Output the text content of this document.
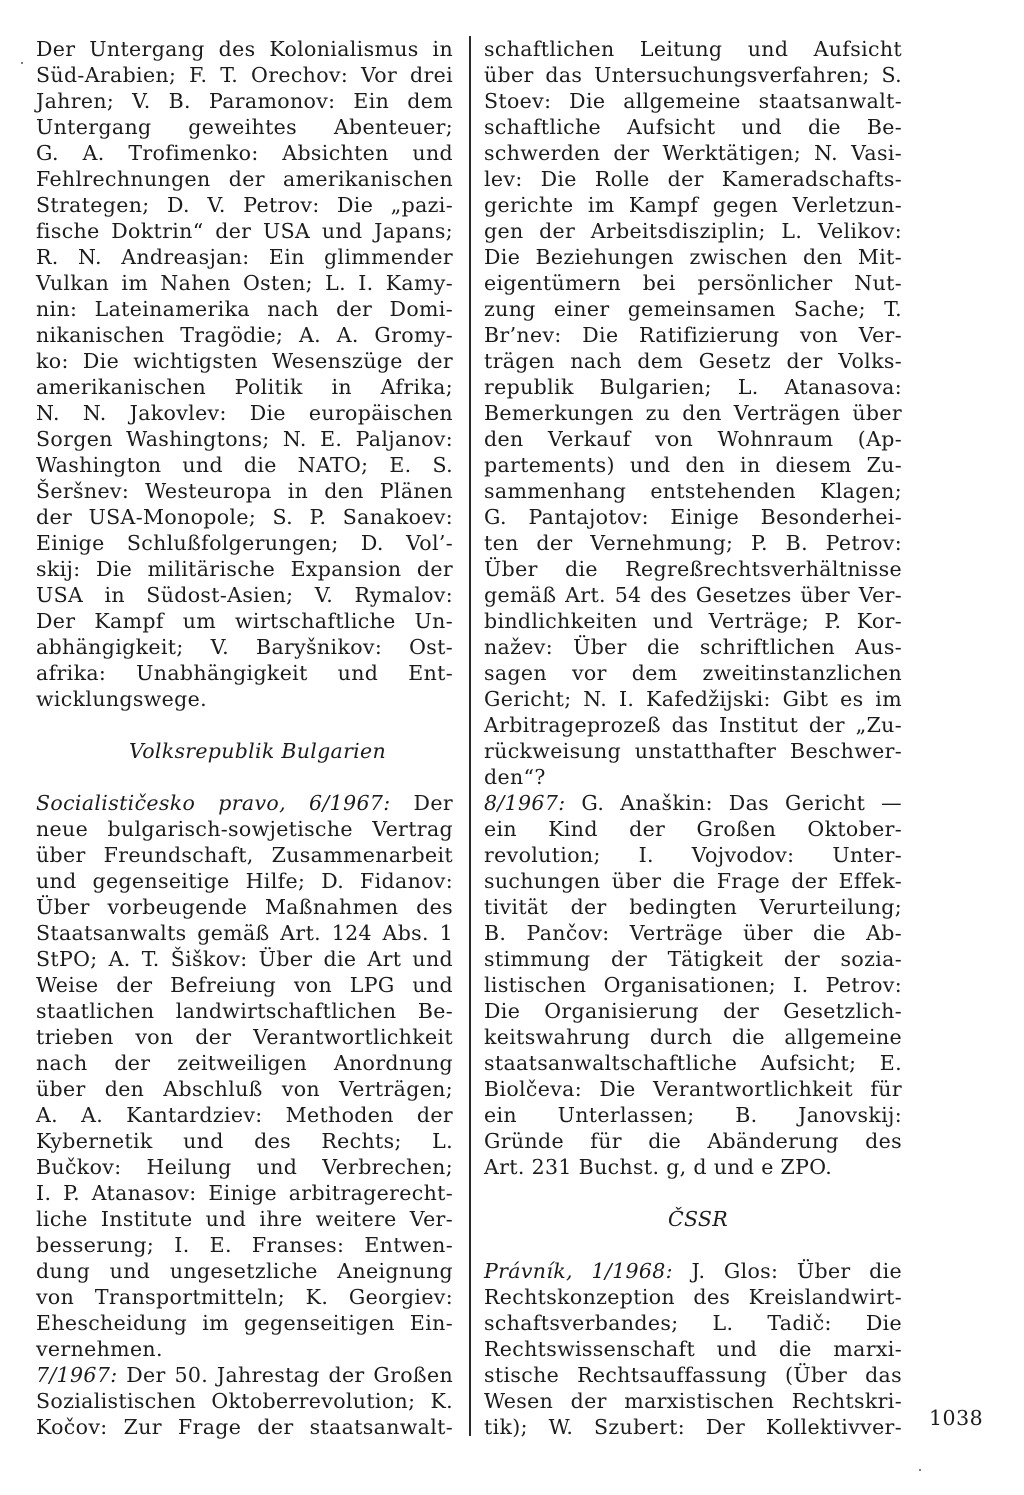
Der Untergang des Kolonialismus in
Süd-Arabien; F. T. Orechov: Vor drei
Jahren; V. B. Paramonov: Ein dem
Untergang geweihtes Abenteuer;
G. A. Trofimenko: Absichten und
Fehlrechnungen der amerikanischen
Strategen; D. V. Petrov: Die „pazi-
fische Doktrin“ der USA und Japans;
R. N. Andreasjan: Ein glimmender
Vulkan im Nahen Osten; L. I. Kamy-
nin: Lateinamerika nach der Domi-
nikanischen Tragödie; A. A. Gromy-
ko: Die wichtigsten Wesenszüge der
amerikanischen Politik in Afrika;
N. N. Jakovlev: Die europäischen
Sorgen Washingtons; N. E. Paljanov:
Washington und die NATO; E. S.
Šeršnev: Westeuropa in den Plänen
der USA-Monopole; S. P. Sanakoev:
Einige Schlußfolgerungen; D. Vol’-
skij: Die militärische Expansion der
USA in Südost-Asien; V. Rymalov:
Der Kampf um wirtschaftliche Un-
abhängigkeit; V. Baryšnikov: Ost-
afrika: Unabhängigkeit und Ent-
wicklungswege.
Volksrepublik Bulgarien
Socialističesko pravo, 6/1967: Der
neue bulgarisch-sowjetische Vertrag
über Freundschaft, Zusammenarbeit
und gegenseitige Hilfe; D. Fidanov:
Über vorbeugende Maßnahmen des
Staatsanwalts gemäß Art. 124 Abs. 1
StPO; A. T. Šiškov: Über die Art und
Weise der Befreiung von LPG und
staatlichen landwirtschaftlichen Be-
trieben von der Verantwortlichkeit
nach der zeitweiligen Anordnung
über den Abschluß von Verträgen;
A. A. Kantardziev: Methoden der
Kybernetik und des Rechts; L.
Bučkov: Heilung und Verbrechen;
I. P. Atanasov: Einige arbitragerecht-
liche Institute und ihre weitere Ver-
besserung; I. E. Franses: Entwen-
dung und ungesetzliche Aneignung
von Transportmitteln; K. Georgiev:
Ehescheidung im gegenseitigen Ein-
vernehmen.
7/1967: Der 50. Jahrestag der Großen
Sozialistischen Oktoberrevolution; K.
Kočov: Zur Frage der staatsanwalt-
schaftlichen Leitung und Aufsicht
über das Untersuchungsverfahren; S.
Stoev: Die allgemeine staatsanwalt-
schaftliche Aufsicht und die Be-
schwerden der Werktätigen; N. Vasi-
lev: Die Rolle der Kameradschafts-
gerichte im Kampf gegen Verletzun-
gen der Arbeitsdisziplin; L. Velikov:
Die Beziehungen zwischen den Mit-
eigentümern bei persönlicher Nut-
zung einer gemeinsamen Sache; T.
Br’nev: Die Ratifizierung von Ver-
trägen nach dem Gesetz der Volks-
republik Bulgarien; L. Atanasova:
Bemerkungen zu den Verträgen über
den Verkauf von Wohnraum (Ap-
partements) und den in diesem Zu-
sammenhang entstehenden Klagen;
G. Pantajotov: Einige Besonderhei-
ten der Vernehmung; P. B. Petrov:
Über die Regreßrechtsverhältnisse
gemäß Art. 54 des Gesetzes über Ver-
bindlichkeiten und Verträge; P. Kor-
nažev: Über die schriftlichen Aus-
sagen vor dem zweitinstanzlichen
Gericht; N. I. Kafedžijski: Gibt es im
Arbitrageprozeß das Institut der „Zu-
rückweisung unstatthafter Beschwer-
den“?
8/1967: G. Anaškin: Das Gericht —
ein Kind der Großen Oktober-
revolution; I. Vojvodov: Unter-
suchungen über die Frage der Effek-
tivität der bedingten Verurteilung;
B. Pančov: Verträge über die Ab-
stimmung der Tätigkeit der sozia-
listischen Organisationen; I. Petrov:
Die Organisierung der Gesetzlich-
keitswahrung durch die allgemeine
staatsanwaltschaftliche Aufsicht; E.
Biolčeva: Die Verantwortlichkeit für
ein Unterlassen; B. Janovskij:
Gründe für die Abänderung des
Art. 231 Buchst. g, d und e ZPO.
ČSSR
Právník, 1/1968: J. Glos: Über die
Rechtskonzeption des Kreislandwirt-
schaftsverbandes; L. Tadič: Die
Rechtswissenschaft und die marxi-
stische Rechtsauffassung (Über das
Wesen der marxistischen Rechtskri-
tik); W. Szubert: Der Kollektivver- 1038
